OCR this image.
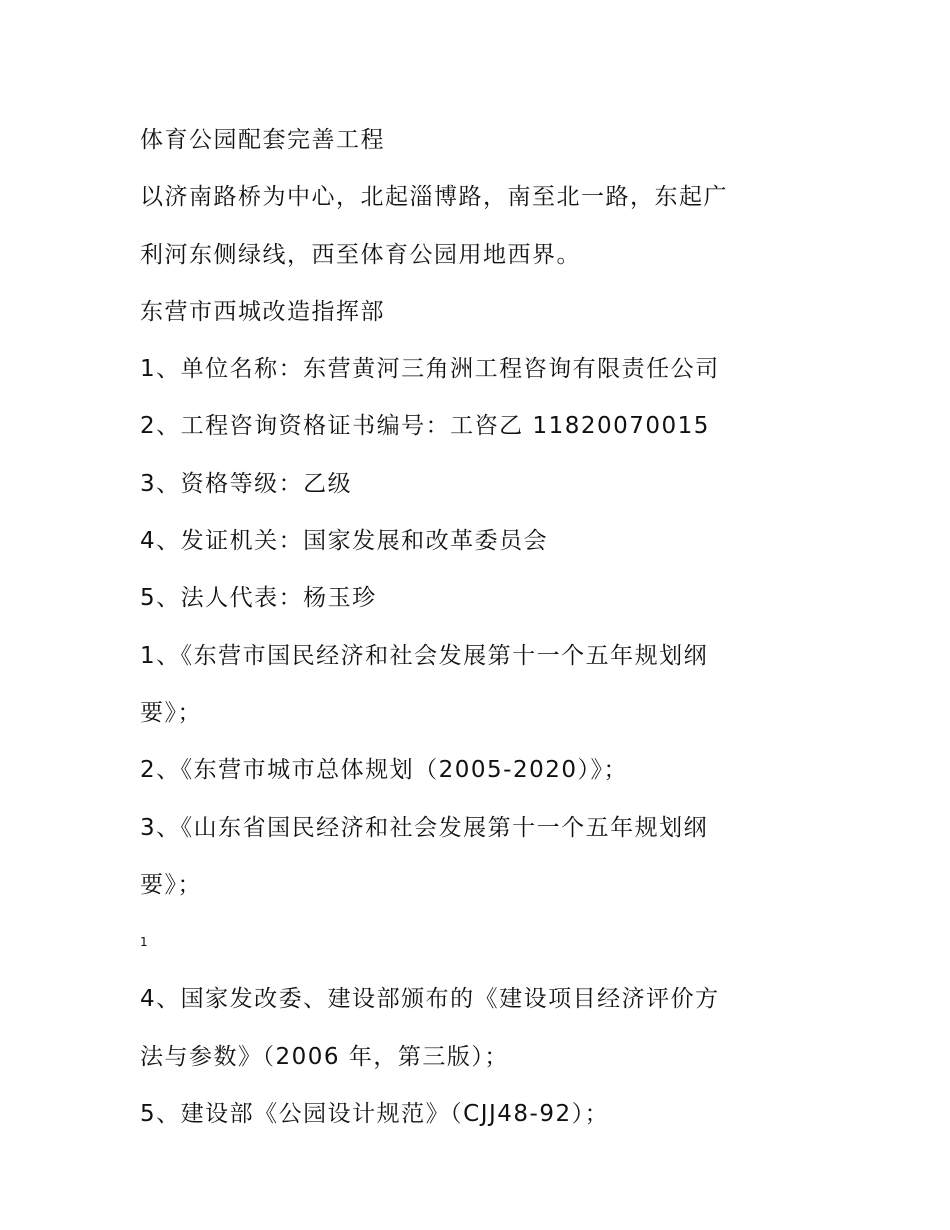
体育公园配套完善工程
以济南路桥为中心，北起淄博路，南至北一路，东起广
利河东侧绿线，西至体育公园用地西界。
东营市西城改造指挥部
1、单位名称：东营黄河三角洲工程咨询有限责任公司
2、工程咨询资格证书编号：工咨乙 11820070015
3、资格等级：乙级
4、发证机关：国家发展和改革委员会
5、法人代表：杨玉珍
1、《东营市国民经济和社会发展第十一个五年规划纲
要》；
2、《东营市城市总体规划（2005-2020）》；
3、《山东省国民经济和社会发展第十一个五年规划纲
要》；
1
4、国家发改委、建设部颁布的《建设项目经济评价方
法与参数》（2006 年，第三版）；
5、建设部《公园设计规范》（CJJ48-92）；
